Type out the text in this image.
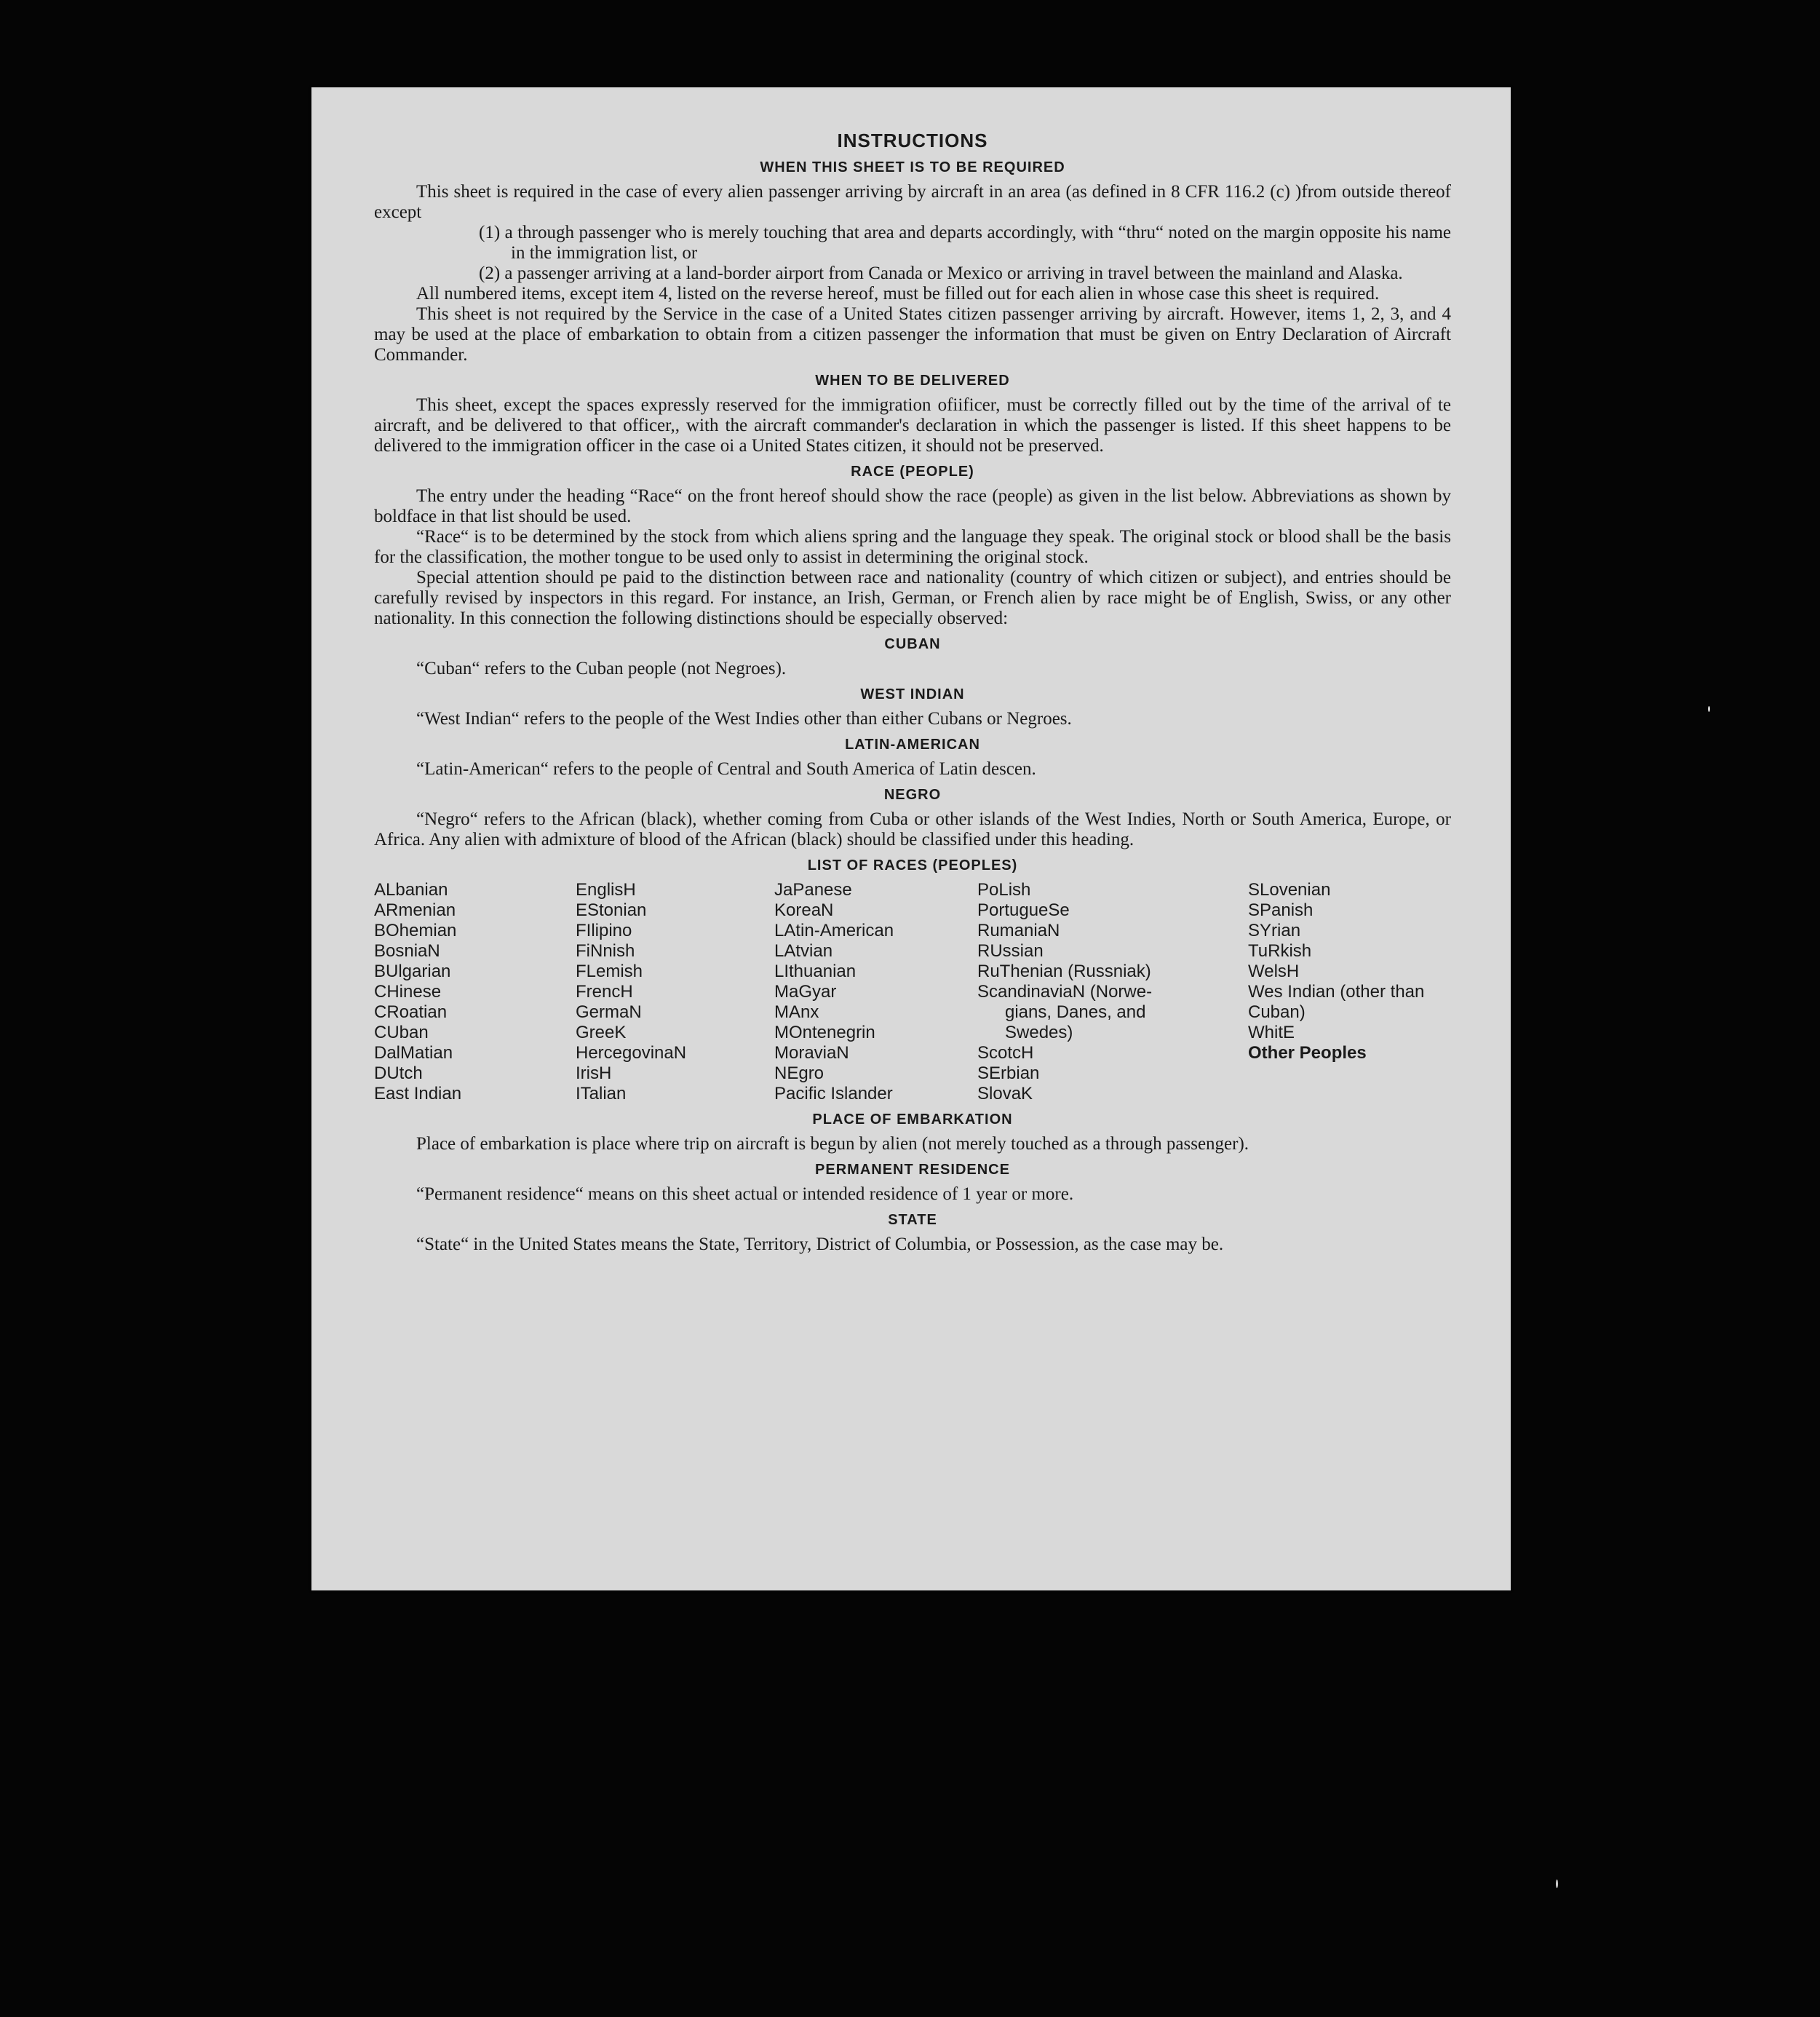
INSTRUCTIONS
WHEN THIS SHEET IS TO BE REQUIRED

This sheet is required in the case of every alien passenger arriving by aircraft in an area (as defined in 8 CFR 116.2 (c) )from outside thereof except

(1) a through passenger who is merely touching that area and departs accordingly, with “thru“ noted on the margin opposite his name in the immigration list, or

(2) a passenger arriving at a land-border airport from Canada or Mexico or arriving in travel between the mainland and Alaska.

All numbered items, except item 4, listed on the reverse hereof, must be filled out for each alien in whose case this sheet is required.

This sheet is not required by the Service in the case of a United States citizen passenger arriving by aircraft. However, items 1, 2, 3, and 4 may be used at the place of embarkation to obtain from a citizen passenger the information that must be given on Entry Declaration of Aircraft Commander.

WHEN TO BE DELIVERED

This sheet, except the spaces expressly reserved for the immigration ofiificer, must be correctly filled out by the time of the arrival of te aircraft, and be delivered to that officer,, with the aircraft commander's declaration in which the passenger is listed. If this sheet happens to be delivered to the immigration officer in the case oi a United States citizen, it should not be preserved.

RACE (PEOPLE)

The entry under the heading “Race“ on the front hereof should show the race (people) as given in the list below. Abbreviations as shown by boldface in that list should be used.

“Race“ is to be determined by the stock from which aliens spring and the language they speak. The original stock or blood shall be the basis for the classification, the mother tongue to be used only to assist in determining the original stock.

Special attention should pe paid to the distinction between race and nationality (country of which citizen or subject), and entries should be carefully revised by inspectors in this regard. For instance, an Irish, German, or French alien by race might be of English, Swiss, or any other nationality. In this connection the following distinctions should be especially observed:

CUBAN

“Cuban“ refers to the Cuban people (not Negroes).

WEST INDIAN

“West Indian“ refers to the people of the West Indies other than either Cubans or Negroes.

LATIN-AMERICAN

“Latin-American“ refers to the people of Central and South America of Latin descen.

NEGRO

“Negro“ refers to the African (black), whether coming from Cuba or other islands of the West Indies, North or South America, Europe, or Africa. Any alien with admixture of blood of the African (black) should be classified under this heading.

LIST OF RACES (PEOPLES)
ALbanian
ARmenian
BOhemian
BosniaN
BUlgarian
CHinese
CRoatian
CUban
DalMatian
DUtch
East Indian
EnglisH
EStonian
FIlipino
FiNnish
FLemish
FrencH
GermaN
GreeK
HercegovinaN
IrisH
ITalian
JaPanese
KoreaN
LAtin-American
LAtvian
LIthuanian
MaGyar
MAnx
MOntenegrin
MoraviaN
NEgro
Pacific Islander
PoLish
PortugueSe
RumaniaN
RUssian
RuThenian (Russniak)
ScandinaviaN (Norwe-
gians, Danes, and
Swedes)
ScotcH
SErbian
SlovaK
SLovenian
SPanish
SYrian
TuRkish
WelsH
Wes Indian (other than Cuban)
WhitE
Other Peoples
PLACE OF EMBARKATION

Place of embarkation is place where trip on aircraft is begun by alien (not merely touched as a through passenger).

PERMANENT RESIDENCE

“Permanent residence“ means on this sheet actual or intended residence of 1 year or more.

STATE

“State“ in the United States means the State, Territory, District of Columbia, or Possession, as the case may be.
